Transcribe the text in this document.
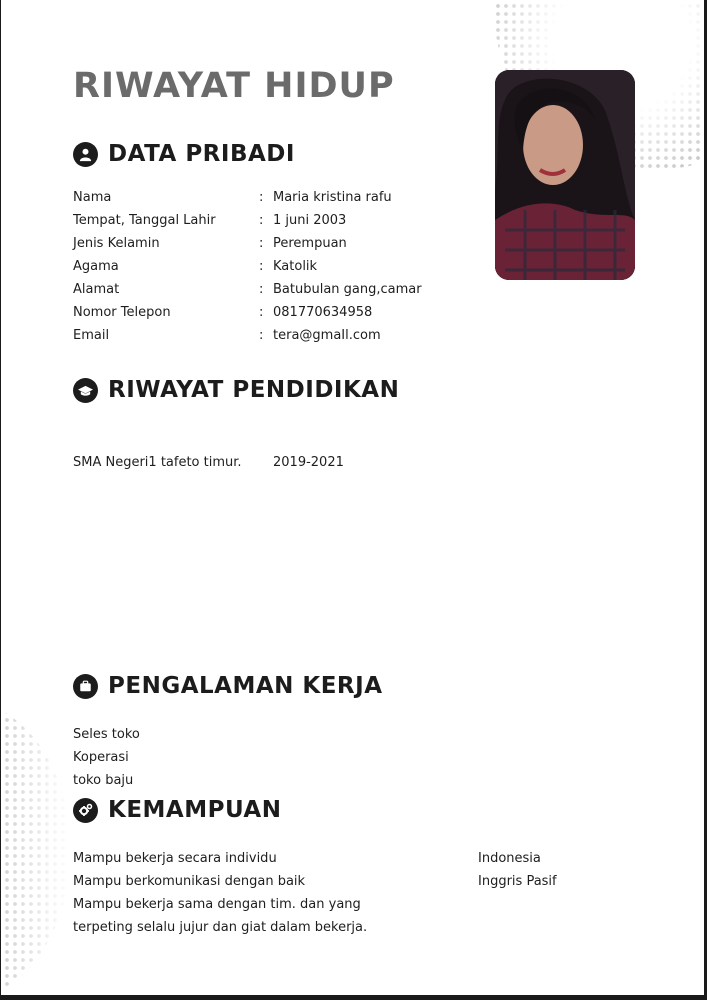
RIWAYAT HIDUP
DATA PRIBADI
Nama	: Maria kristina rafu
Tempat, Tanggal Lahir	: 1 juni 2003
Jenis Kelamin	: Perempuan
Agama	: Katolik
Alamat	: Batubulan gang,camar
Nomor Telepon	: 081770634958
Email	: tera@gmaIl.com
RIWAYAT PENDIDIKAN
SMA Negeri1 tafeto timur. 2019-2021
PENGALAMAN KERJA
Seles toko
Koperasi
toko baju
KEMAMPUAN
Mampu bekerja secara individu
Mampu berkomunikasi dengan baik
Mampu bekerja sama dengan tim. dan yang
terpeting selalu jujur dan giat dalam bekerja.
Indonesia
Inggris Pasif
